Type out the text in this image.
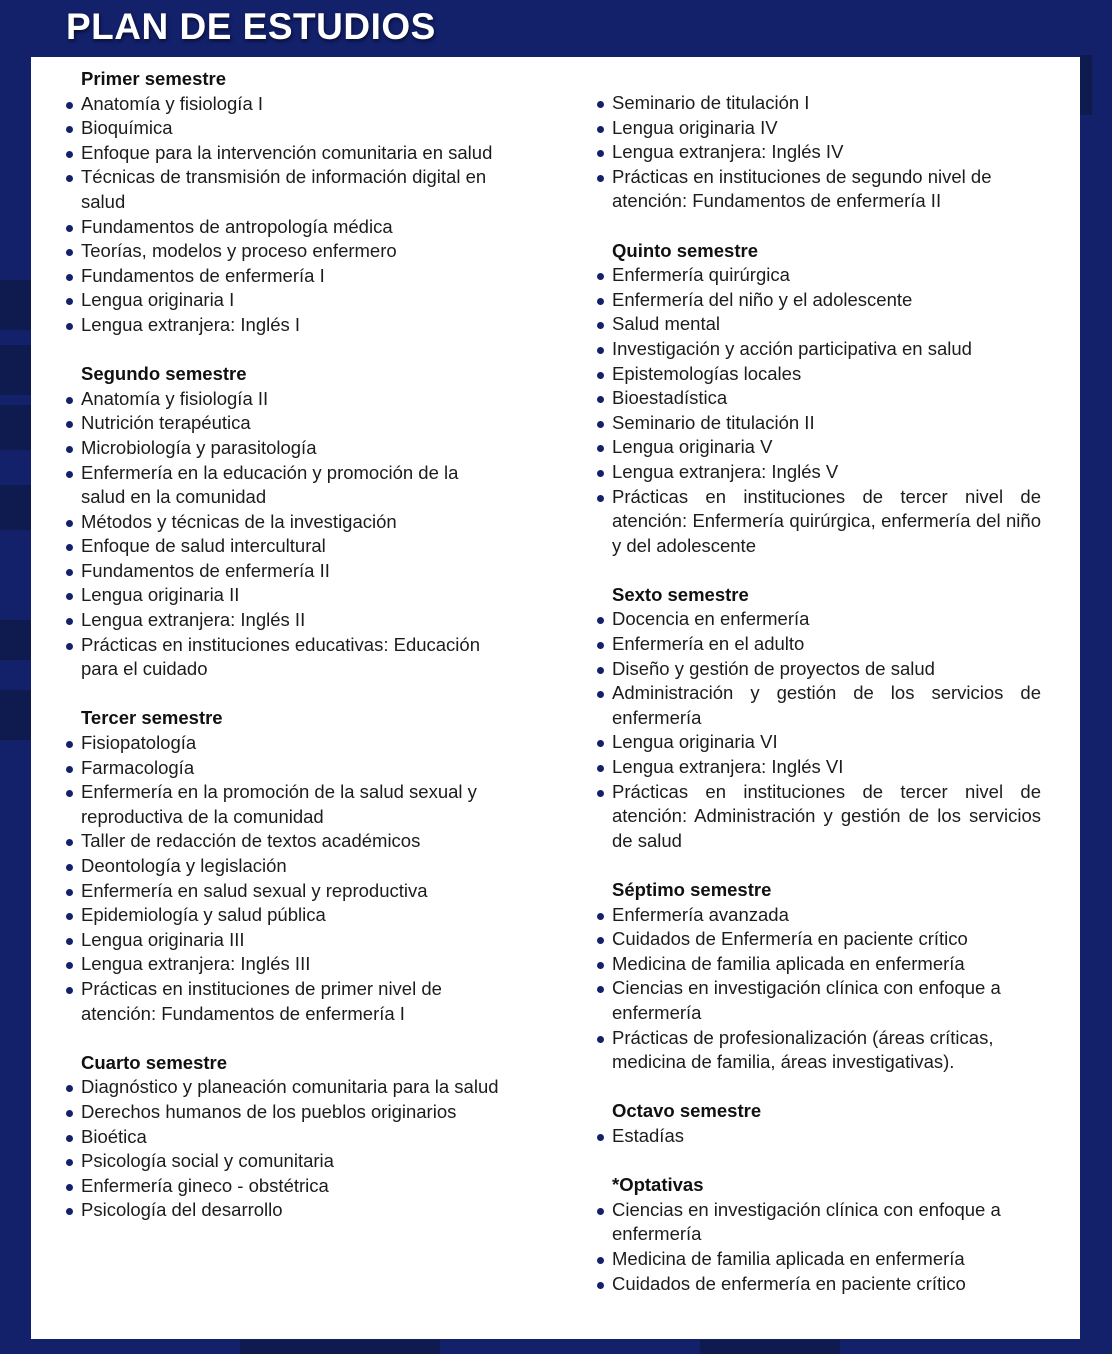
PLAN DE ESTUDIOS
Primer semestre
Anatomía y fisiología I
Bioquímica
Enfoque para la intervención comunitaria en salud
Técnicas de transmisión de información digital en salud
Fundamentos de antropología médica
Teorías, modelos y proceso enfermero
Fundamentos de enfermería I
Lengua originaria I
Lengua extranjera: Inglés I
Segundo semestre
Anatomía y fisiología II
Nutrición terapéutica
Microbiología y parasitología
Enfermería en la educación y promoción de la salud en la comunidad
Métodos y técnicas de la investigación
Enfoque de salud intercultural
Fundamentos de enfermería II
Lengua originaria II
Lengua extranjera: Inglés II
Prácticas en instituciones educativas: Educación para el cuidado
Tercer semestre
Fisiopatología
Farmacología
Enfermería en la promoción de la salud sexual y reproductiva de la comunidad
Taller de redacción de textos académicos
Deontología y legislación
Enfermería en salud sexual y reproductiva
Epidemiología y salud pública
Lengua originaria III
Lengua extranjera: Inglés III
Prácticas en instituciones de primer nivel de atención: Fundamentos de enfermería I
Cuarto semestre
Diagnóstico y planeación comunitaria para la salud
Derechos humanos de los pueblos originarios
Bioética
Psicología social y comunitaria
Enfermería gineco - obstétrica
Psicología del desarrollo
Seminario de titulación I
Lengua originaria IV
Lengua extranjera: Inglés IV
Prácticas en instituciones de segundo nivel de atención: Fundamentos de enfermería II
Quinto semestre
Enfermería quirúrgica
Enfermería del niño y el adolescente
Salud mental
Investigación y acción participativa en salud
Epistemologías locales
Bioestadística
Seminario de titulación II
Lengua originaria V
Lengua extranjera: Inglés V
Prácticas en instituciones de tercer nivel de atención: Enfermería quirúrgica, enfermería del niño y del adolescente
Sexto semestre
Docencia en enfermería
Enfermería en el adulto
Diseño y gestión de proyectos de salud
Administración y gestión de los servicios de enfermería
Lengua originaria VI
Lengua extranjera: Inglés VI
Prácticas en instituciones de tercer nivel de atención: Administración y gestión de los servicios de salud
Séptimo semestre
Enfermería avanzada
Cuidados de Enfermería en paciente crítico
Medicina de familia aplicada en enfermería
Ciencias en investigación clínica con enfoque a enfermería
Prácticas de profesionalización (áreas críticas, medicina de familia, áreas investigativas).
Octavo semestre
Estadías
*Optativas
Ciencias en investigación clínica con enfoque a enfermería
Medicina de familia aplicada en enfermería
Cuidados de enfermería en paciente crítico
